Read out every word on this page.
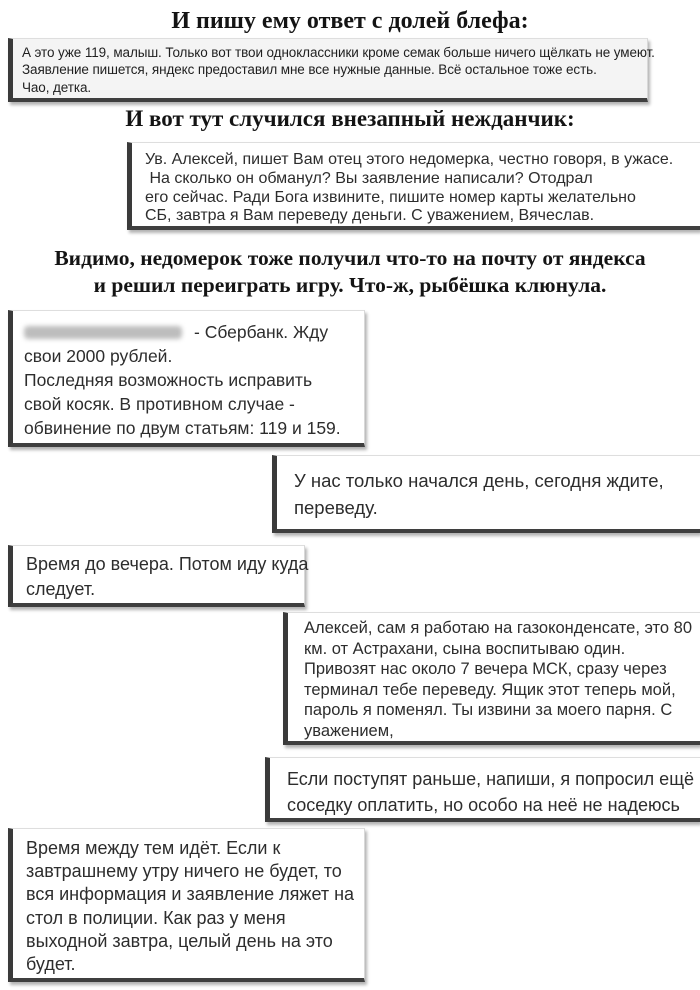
И пишу ему ответ с долей блефа:
А это уже 119, малыш. Только вот твои одноклассники кроме семак больше ничего щёлкать не умеют.
Заявление пишется, яндекс предоставил мне все нужные данные. Всё остальное тоже есть.
Чао, детка.
И вот тут случился внезапный нежданчик:
Ув. Алексей, пишет Вам отец этого недомерка, честно говоря, в ужасе.
На сколько он обманул? Вы заявление написали? Отодрал
его сейчас. Ради Бога извините, пишите номер карты желательно
СБ, завтра я Вам переведу деньги. С уважением, Вячеслав.
Видимо, недомерок тоже получил что-то на почту от яндекса
и решил переиграть игру. Что-ж, рыбёшка клюнула.
- Сбербанк. Жду
свои 2000 рублей.
Последняя возможность исправить
свой косяк. В противном случае -
обвинение по двум статьям: 119 и 159.
У нас только начался день, сегодня ждите,
переведу.
Время до вечера. Потом иду куда
следует.
Алексей, сам я работаю на газоконденсате, это 80
км. от Астрахани, сына воспитываю один.
Привозят нас около 7 вечера МСК, сразу через
терминал тебе переведу. Ящик этот теперь мой,
пароль я поменял. Ты извини за моего парня. С
уважением,
Если поступят раньше, напиши, я попросил ещё
соседку оплатить, но особо на неё не надеюсь
Время между тем идёт. Если к
завтрашнему утру ничего не будет, то
вся информация и заявление ляжет на
стол в полиции. Как раз у меня
выходной завтра, целый день на это
будет.
